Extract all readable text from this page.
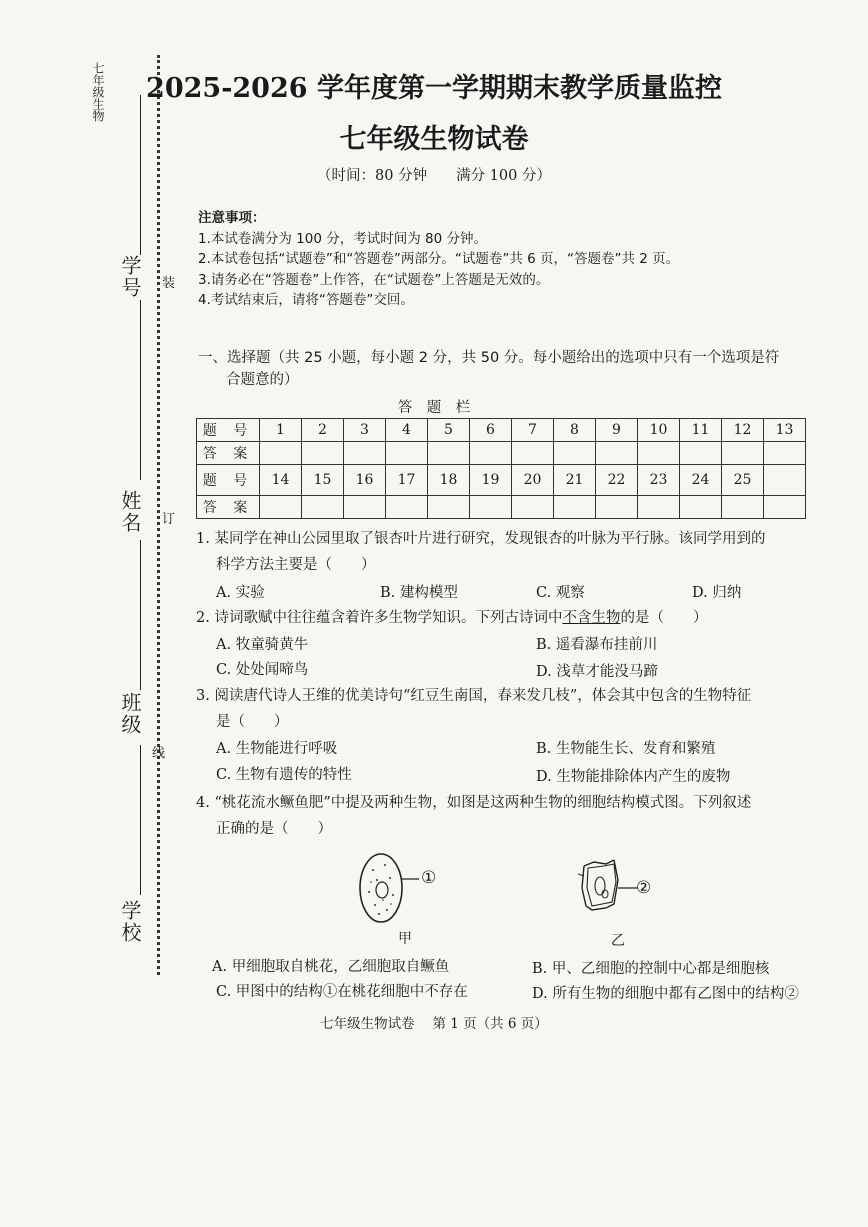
七年级生物
学号
姓名
班级
学校
装
订
线
2025-2026 学年度第一学期期末教学质量监控
七年级生物试卷
（时间：80 分钟　　满分 100 分）
注意事项：
1.本试卷满分为 100 分，考试时间为 80 分钟。
2.本试卷包括“试题卷”和“答题卷”两部分。“试题卷”共 6 页，“答题卷”共 2 页。
3.请务必在“答题卷”上作答，在“试题卷”上答题是无效的。
4.考试结束后，请将“答题卷”交回。
一、选择题（共 25 小题，每小题 2 分，共 50 分。每小题给出的选项中只有一个选项是符
合题意的）
答　题　栏
题 号	1	2	3	4	5	6	7	8	9	10	11	12	13
答 案													
题 号	14	15	16	17	18	19	20	21	22	23	24	25	
答 案													
1. 某同学在神山公园里取了银杏叶片进行研究，发现银杏的叶脉为平行脉。该同学用到的
科学方法主要是（　　）
A. 实验	B. 建构模型	C. 观察	D. 归纳
2. 诗词歌赋中往往蕴含着许多生物学知识。下列古诗词中不含生物的是（　　）
A. 牧童骑黄牛	B. 遥看瀑布挂前川
C. 处处闻啼鸟	D. 浅草才能没马蹄
3. 阅读唐代诗人王维的优美诗句“红豆生南国，春来发几枝”，体会其中包含的生物特征
是（　　）
A. 生物能进行呼吸	B. 生物能生长、发育和繁殖
C. 生物有遗传的特性	D. 生物能排除体内产生的废物
4. “桃花流水鳜鱼肥”中提及两种生物，如图是这两种生物的细胞结构模式图。下列叙述
正确的是（　　）
①
甲
②
乙
A. 甲细胞取自桃花，乙细胞取自鳜鱼	B. 甲、乙细胞的控制中心都是细胞核
C. 甲图中的结构①在桃花细胞中不存在	D. 所有生物的细胞中都有乙图中的结构②
七年级生物试卷　 第 1 页（共 6 页）
